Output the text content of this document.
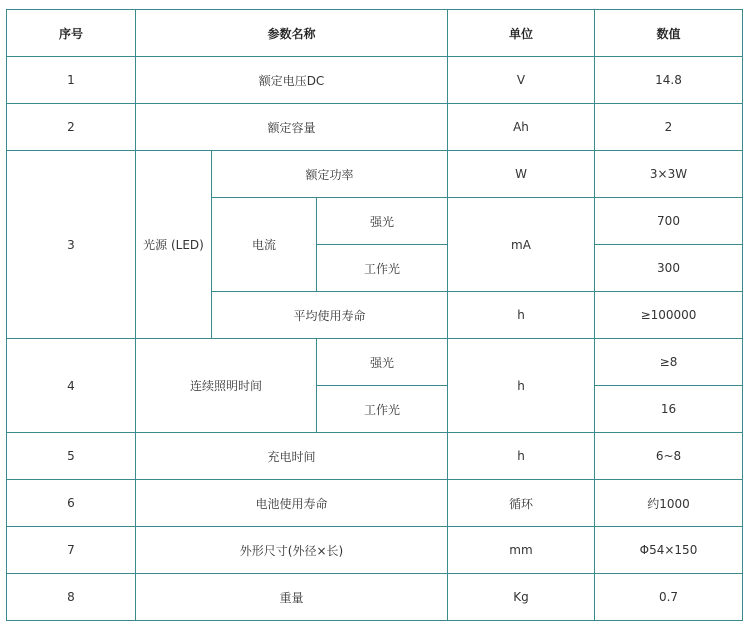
序号	参数名称			单位	数值
1	额定电压DC			V	14.8
2	额定容量			Ah	2
3	光源 (LED)	额定功率		W	3×3W
		电流	强光	mA	700
			工作光		300
		平均使用寿命		h	≥100000
4	连续照明时间		强光	h	≥8
			工作光		16
5	充电时间			h	6~8
6	电池使用寿命			循环	约1000
7	外形尺寸(外径×长)			mm	Φ54×150
8	重量			Kg	0.7
